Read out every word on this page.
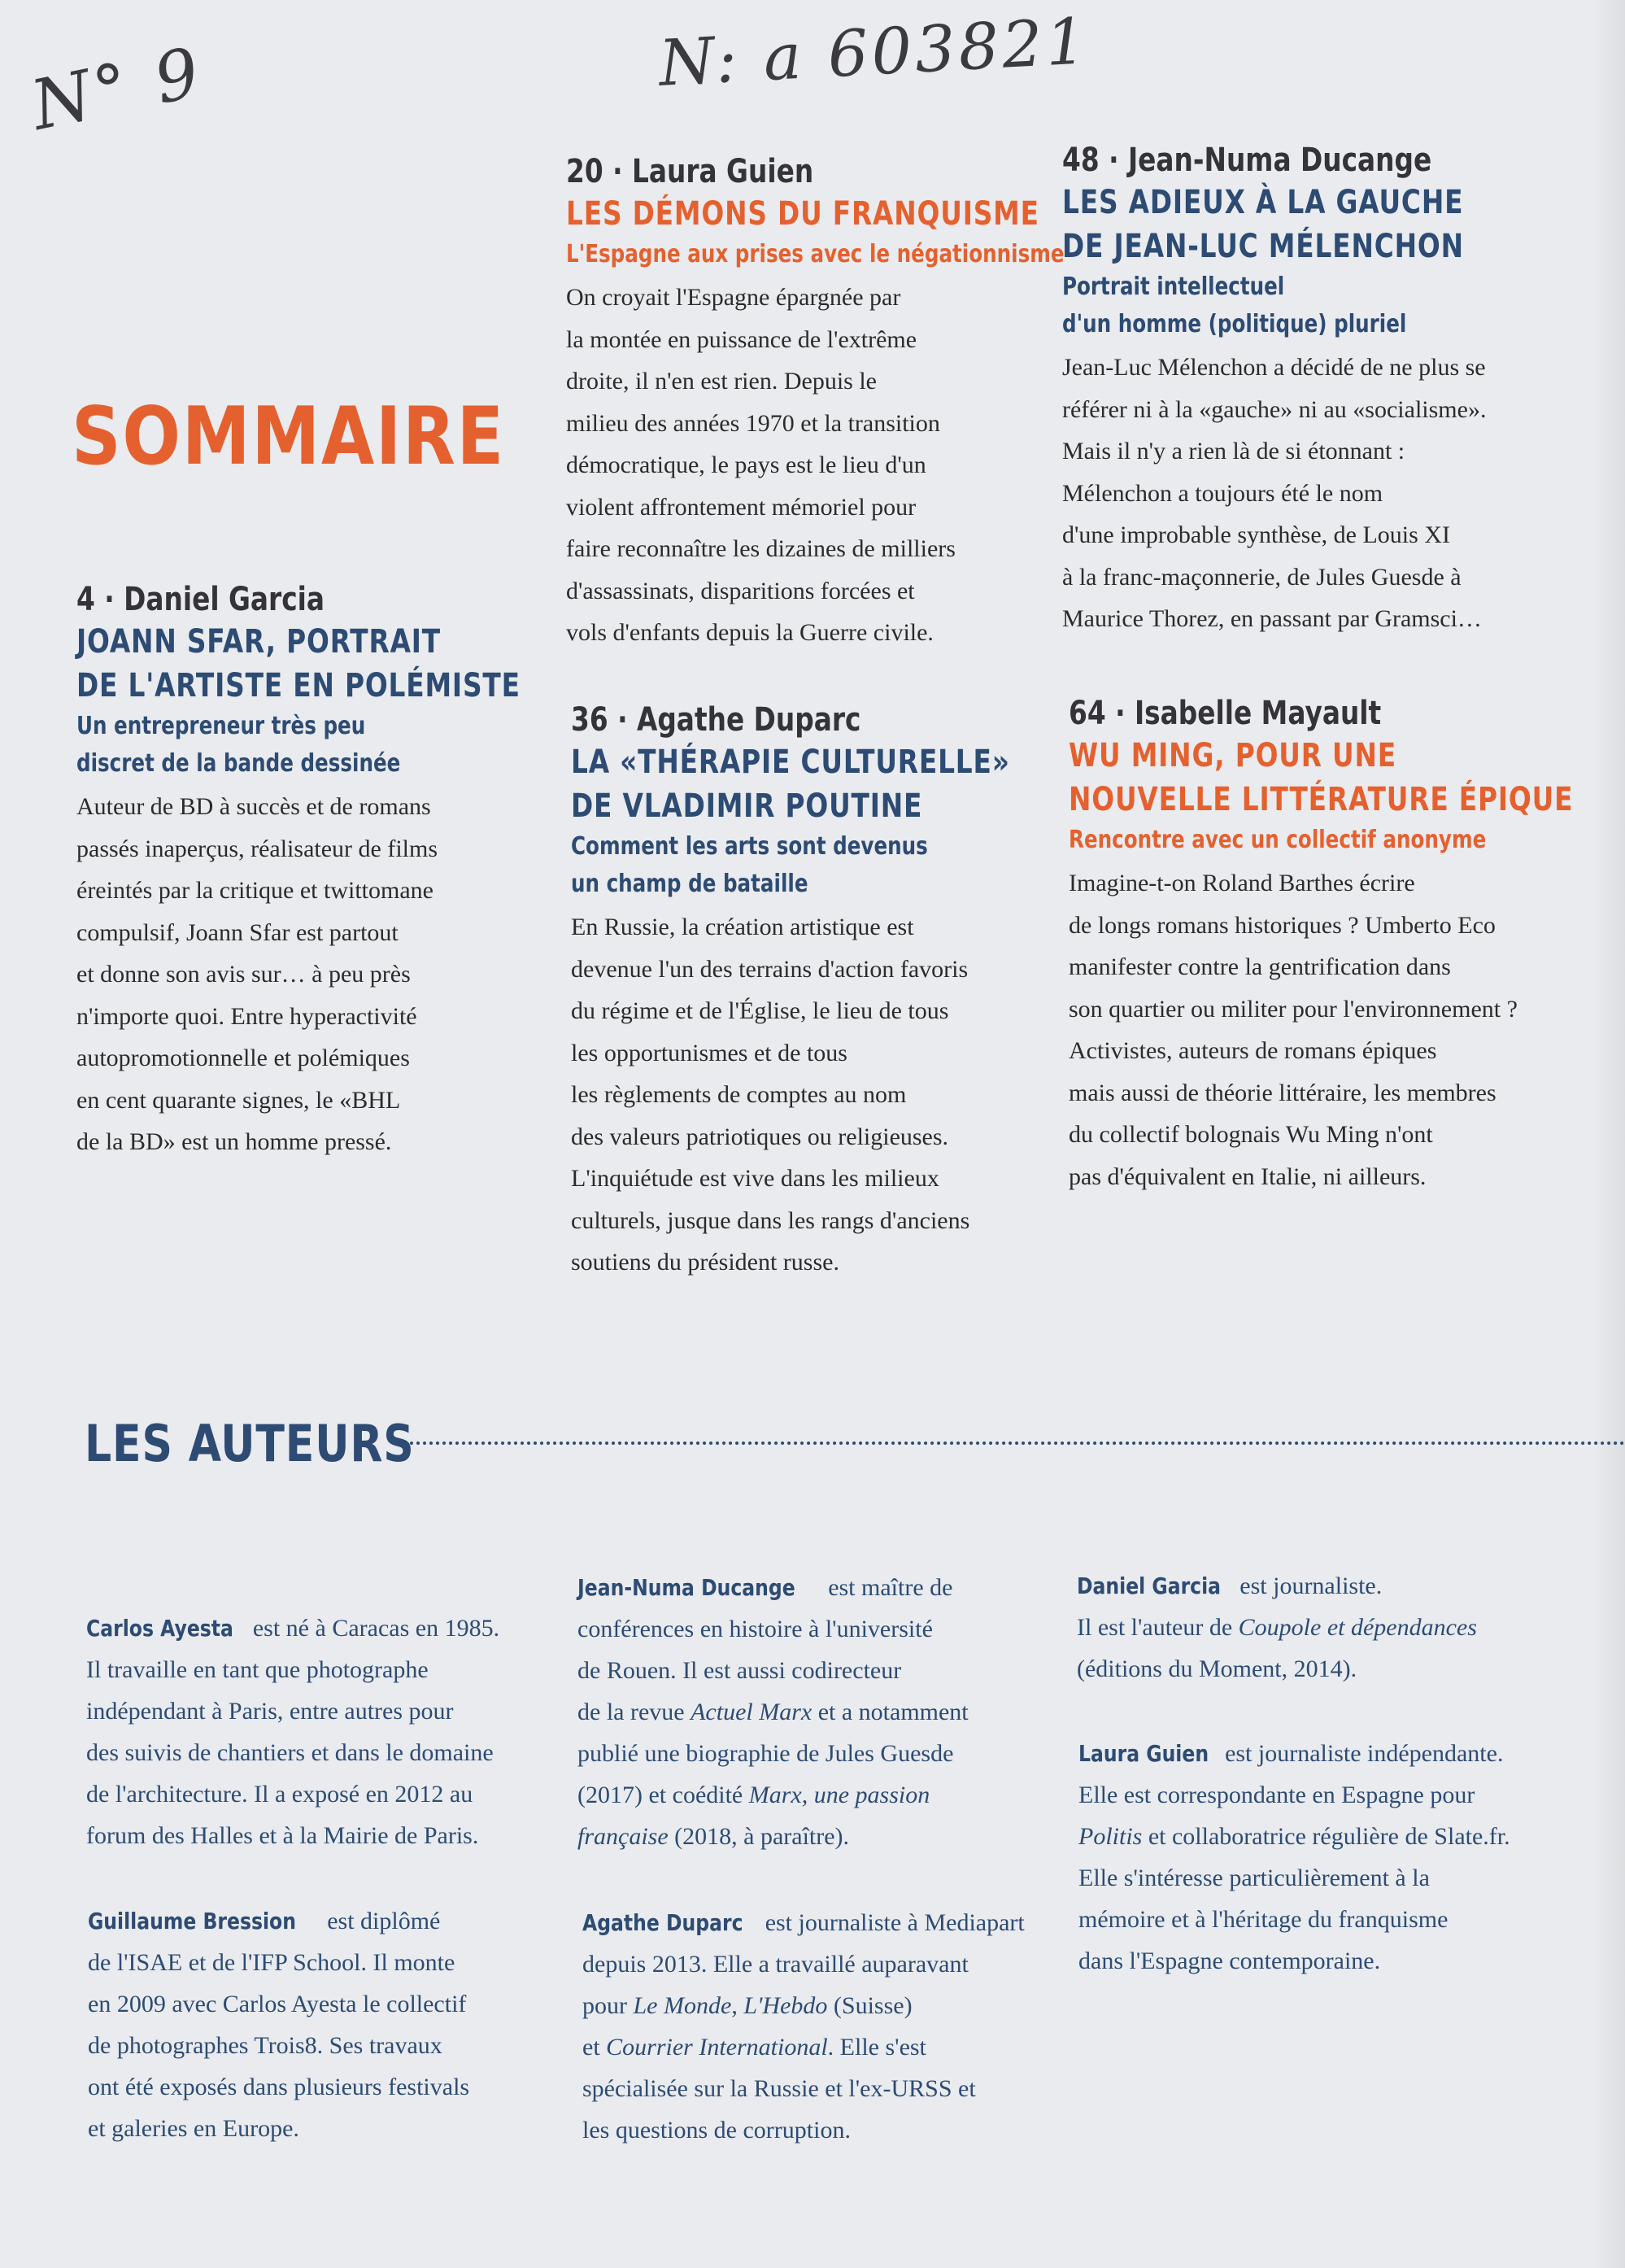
N° 9	N: a 603821
SOMMAIRE
4 · Daniel Garcia
JOANN SFAR, PORTRAIT
DE L'ARTISTE EN POLÉMISTE
Un entrepreneur très peu
discret de la bande dessinée
Auteur de BD à succès et de romans
passés inaperçus, réalisateur de films
éreintés par la critique et twittomane
compulsif, Joann Sfar est partout
et donne son avis sur… à peu près
n'importe quoi. Entre hyperactivité
autopromotionnelle et polémiques
en cent quarante signes, le «BHL
de la BD» est un homme pressé.
20 · Laura Guien
LES DÉMONS DU FRANQUISME
L'Espagne aux prises avec le négationnisme
On croyait l'Espagne épargnée par
la montée en puissance de l'extrême
droite, il n'en est rien. Depuis le
milieu des années 1970 et la transition
démocratique, le pays est le lieu d'un
violent affrontement mémoriel pour
faire reconnaître les dizaines de milliers
d'assassinats, disparitions forcées et
vols d'enfants depuis la Guerre civile.
36 · Agathe Duparc
LA «THÉRAPIE CULTURELLE»
DE VLADIMIR POUTINE
Comment les arts sont devenus
un champ de bataille
En Russie, la création artistique est
devenue l'un des terrains d'action favoris
du régime et de l'Église, le lieu de tous
les opportunismes et de tous
les règlements de comptes au nom
des valeurs patriotiques ou religieuses.
L'inquiétude est vive dans les milieux
culturels, jusque dans les rangs d'anciens
soutiens du président russe.
48 · Jean-Numa Ducange
LES ADIEUX À LA GAUCHE
DE JEAN-LUC MÉLENCHON
Portrait intellectuel
d'un homme (politique) pluriel
Jean-Luc Mélenchon a décidé de ne plus se
référer ni à la «gauche» ni au «socialisme».
Mais il n'y a rien là de si étonnant :
Mélenchon a toujours été le nom
d'une improbable synthèse, de Louis XI
à la franc-maçonnerie, de Jules Guesde à
Maurice Thorez, en passant par Gramsci…
64 · Isabelle Mayault
WU MING, POUR UNE
NOUVELLE LITTÉRATURE ÉPIQUE
Rencontre avec un collectif anonyme
Imagine-t-on Roland Barthes écrire
de longs romans historiques ? Umberto Eco
manifester contre la gentrification dans
son quartier ou militer pour l'environnement ?
Activistes, auteurs de romans épiques
mais aussi de théorie littéraire, les membres
du collectif bolognais Wu Ming n'ont
pas d'équivalent en Italie, ni ailleurs.
LES AUTEURS
Carlos Ayesta est né à Caracas en 1985.
Il travaille en tant que photographe
indépendant à Paris, entre autres pour
des suivis de chantiers et dans le domaine
de l'architecture. Il a exposé en 2012 au
forum des Halles et à la Mairie de Paris.
Guillaume Bression est diplômé
de l'ISAE et de l'IFP School. Il monte
en 2009 avec Carlos Ayesta le collectif
de photographes Trois8. Ses travaux
ont été exposés dans plusieurs festivals
et galeries en Europe.
Jean-Numa Ducange est maître de
conférences en histoire à l'université
de Rouen. Il est aussi codirecteur
de la revue Actuel Marx et a notamment
publié une biographie de Jules Guesde
(2017) et coédité Marx, une passion
française (2018, à paraître).
Agathe Duparc est journaliste à Mediapart
depuis 2013. Elle a travaillé auparavant
pour Le Monde, L'Hebdo (Suisse)
et Courrier International. Elle s'est
spécialisée sur la Russie et l'ex-URSS et
les questions de corruption.
Daniel Garcia est journaliste.
Il est l'auteur de Coupole et dépendances
(éditions du Moment, 2014).
Laura Guien est journaliste indépendante.
Elle est correspondante en Espagne pour
Politis et collaboratrice régulière de Slate.fr.
Elle s'intéresse particulièrement à la
mémoire et à l'héritage du franquisme
dans l'Espagne contemporaine.
